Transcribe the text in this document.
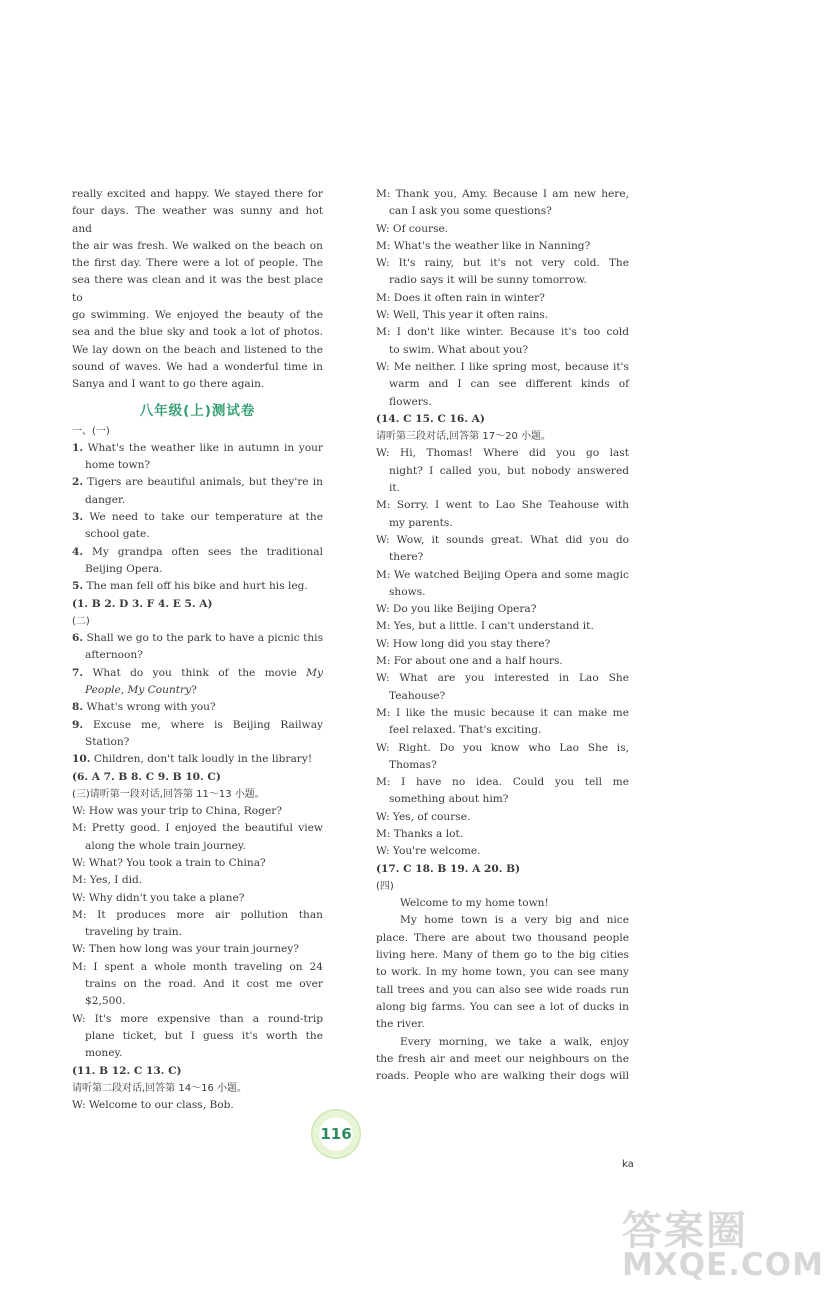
really excited and happy. We stayed there for
four days. The weather was sunny and hot and
the air was fresh. We walked on the beach on
the first day. There were a lot of people. The
sea there was clean and it was the best place to
go swimming. We enjoyed the beauty of the
sea and the blue sky and took a lot of photos.
We lay down on the beach and listened to the
sound of waves. We had a wonderful time in
Sanya and I want to go there again.
八年级(上)测试卷
一、(一)
1. What's the weather like in autumn in your
home town?
2. Tigers are beautiful animals, but they're in
danger.
3. We need to take our temperature at the
school gate.
4. My grandpa often sees the traditional
Beijing Opera.
5. The man fell off his bike and hurt his leg.
(1. B 2. D 3. F 4. E 5. A)
(二)
6. Shall we go to the park to have a picnic this
afternoon?
7. What do you think of the movie My
People, My Country?
8. What's wrong with you?
9. Excuse me, where is Beijing Railway
Station?
10. Children, don't talk loudly in the library!
(6. A 7. B 8. C 9. B 10. C)
(三)请听第一段对话,回答第 11～13 小题。
W: How was your trip to China, Roger?
M: Pretty good. I enjoyed the beautiful view
along the whole train journey.
W: What? You took a train to China?
M: Yes, I did.
W: Why didn't you take a plane?
M: It produces more air pollution than
traveling by train.
W: Then how long was your train journey?
M: I spent a whole month traveling on 24
trains on the road. And it cost me over
$2,500.
W: It's more expensive than a round-trip
plane ticket, but I guess it's worth the
money.
(11. B 12. C 13. C)
请听第二段对话,回答第 14～16 小题。
W: Welcome to our class, Bob.
M: Thank you, Amy. Because I am new here,
can I ask you some questions?
W: Of course.
M: What's the weather like in Nanning?
W: It's rainy, but it's not very cold. The
radio says it will be sunny tomorrow.
M: Does it often rain in winter?
W: Well, This year it often rains.
M: I don't like winter. Because it's too cold
to swim. What about you?
W: Me neither. I like spring most, because it's
warm and I can see different kinds of
flowers.
(14. C 15. C 16. A)
请听第三段对话,回答第 17～20 小题。
W: Hi, Thomas! Where did you go last
night? I called you, but nobody answered
it.
M: Sorry. I went to Lao She Teahouse with
my parents.
W: Wow, it sounds great. What did you do
there?
M: We watched Beijing Opera and some magic
shows.
W: Do you like Beijing Opera?
M: Yes, but a little. I can't understand it.
W: How long did you stay there?
M: For about one and a half hours.
W: What are you interested in Lao She
Teahouse?
M: I like the music because it can make me
feel relaxed. That's exciting.
W: Right. Do you know who Lao She is,
Thomas?
M: I have no idea. Could you tell me
something about him?
W: Yes, of course.
M: Thanks a lot.
W: You're welcome.
(17. C 18. B 19. A 20. B)
(四)
Welcome to my home town!
My home town is a very big and nice
place. There are about two thousand people
living here. Many of them go to the big cities
to work. In my home town, you can see many
tall trees and you can also see wide roads run
along big farms. You can see a lot of ducks in
the river.
Every morning, we take a walk, enjoy
the fresh air and meet our neighbours on the
roads. People who are walking their dogs will
116
ka
答案圈
MXQE.COM
